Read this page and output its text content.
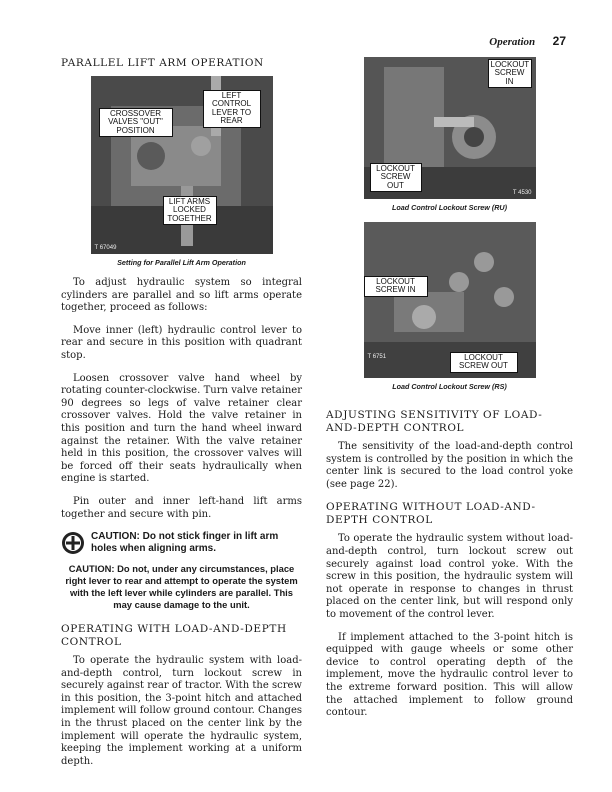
Operation 27
PARALLEL LIFT ARM OPERATION
CROSSOVER VALVES "OUT" POSITION
LEFT CONTROL LEVER TO REAR
LIFT ARMS LOCKED TOGETHER
T 67049
Setting for Parallel Lift Arm Operation

To adjust hydraulic system so integral cylinders are parallel and so lift arms operate together, proceed as follows:

Move inner (left) hydraulic control lever to rear and secure in this position with quadrant stop.

Loosen crossover valve hand wheel by rotating counter-clockwise. Turn valve retainer 90 degrees so legs of valve retainer clear crossover valves. Hold the valve retainer in this position and turn the hand wheel inward against the retainer. With the valve retainer held in this position, the crossover valves will be forced off their seats hydraulically when engine is started.

Pin outer and inner left-hand lift arms together and secure with pin.

CAUTION: Do not stick finger in lift arm holes when aligning arms.
CAUTION: Do not, under any circumstances, place right lever to rear and attempt to operate the system with the left lever while cylinders are parallel. This may cause damage to the unit.
OPERATING WITH LOAD-AND-DEPTH CONTROL

To operate the hydraulic system with load-and-depth control, turn lockout screw in securely against rear of tractor. With the screw in this position, the 3-point hitch and attached implement will follow ground contour. Changes in the thrust placed on the center link by the implement will operate the hydraulic system, keeping the implement working at a uniform depth.

LOCKOUT SCREW IN
LOCKOUT SCREW OUT
T 4530
Load Control Lockout Screw (RU)
LOCKOUT SCREW IN
LOCKOUT SCREW OUT
T 6751
Load Control Lockout Screw (RS)
ADJUSTING SENSITIVITY OF LOAD-AND-DEPTH CONTROL

The sensitivity of the load-and-depth control system is controlled by the position in which the center link is secured to the load control yoke (see page 22).

OPERATING WITHOUT LOAD-AND-DEPTH CONTROL

To operate the hydraulic system without load-and-depth control, turn lockout screw out securely against load control yoke. With the screw in this position, the hydraulic system will not operate in response to changes in thrust placed on the center link, but will respond only to movement of the control lever.

If implement attached to the 3-point hitch is equipped with gauge wheels or some other device to control operating depth of the implement, move the hydraulic control lever to the extreme forward position. This will allow the attached implement to follow ground contour.
